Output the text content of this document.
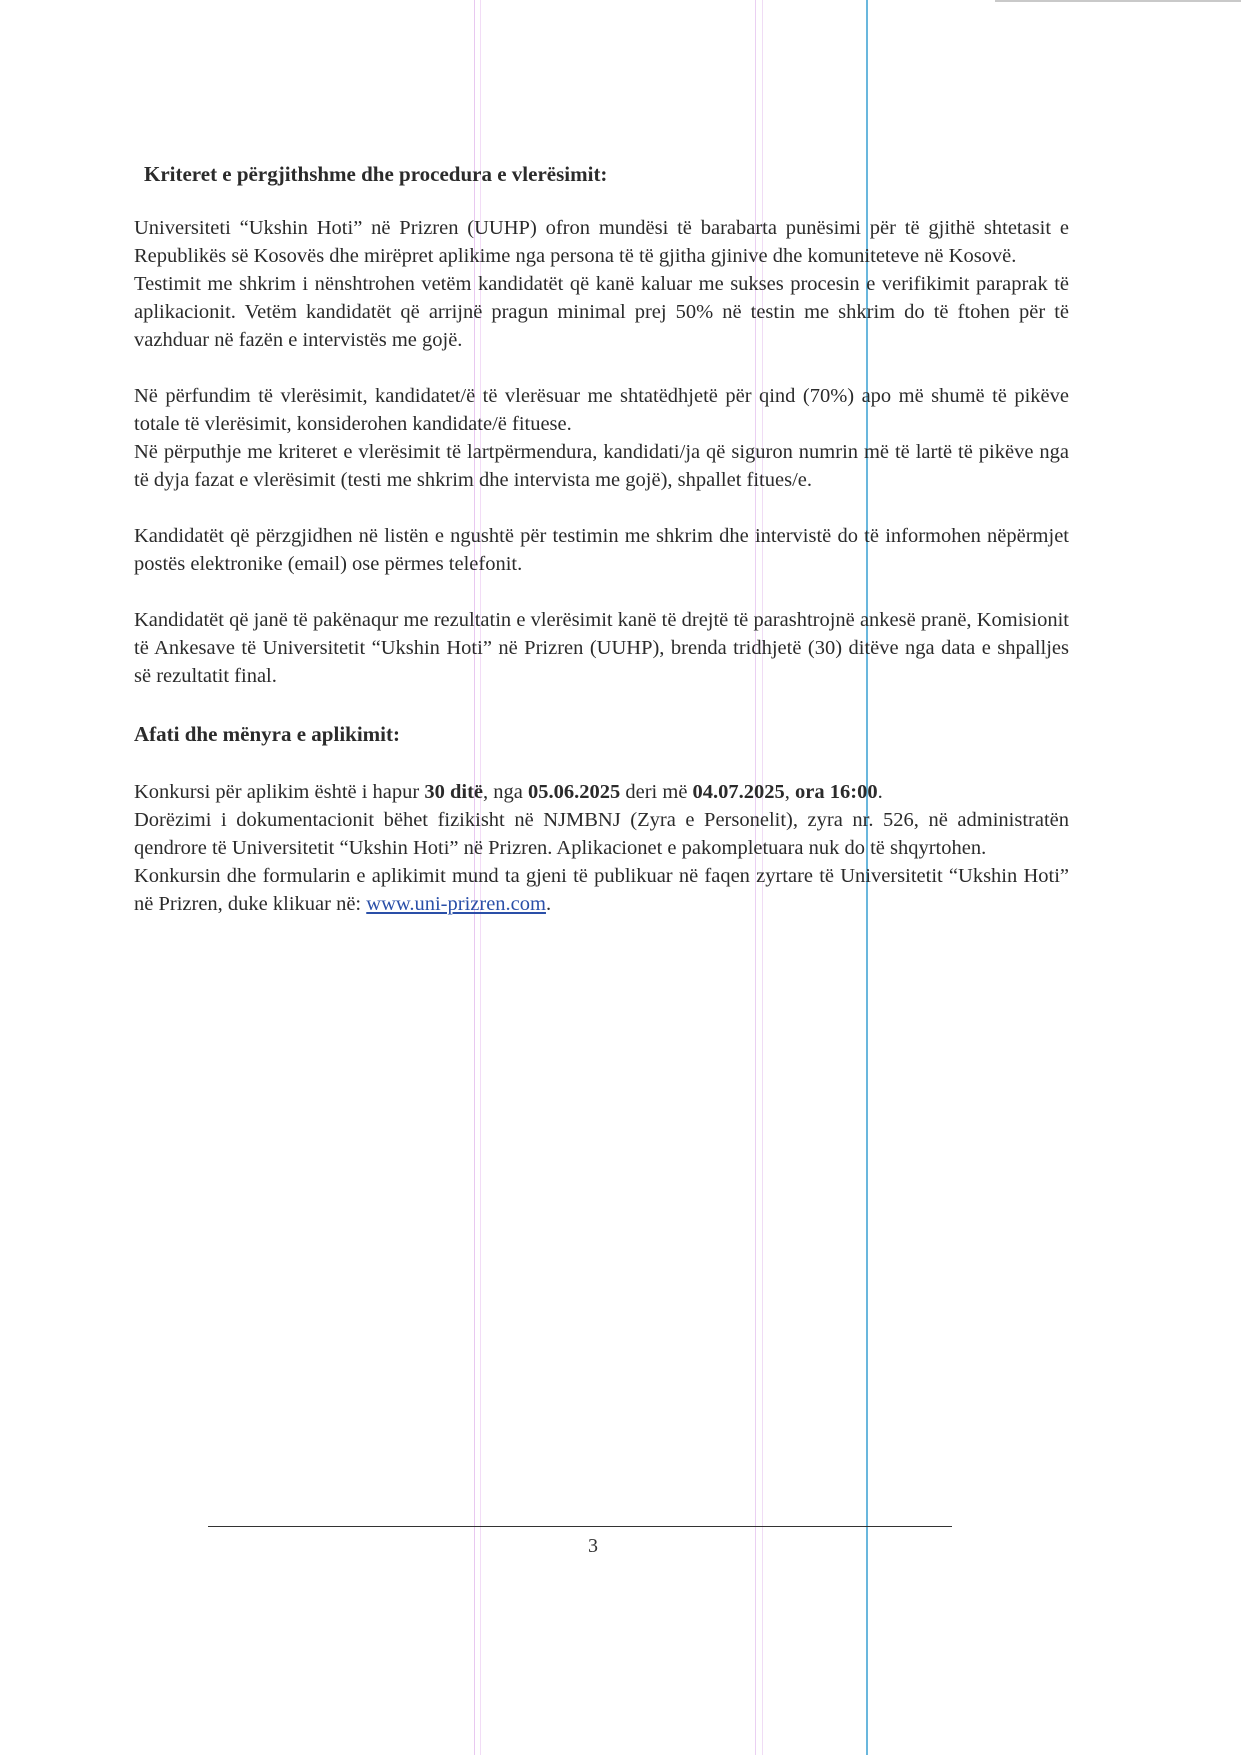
Kriteret e përgjithshme dhe procedura e vlerësimit:

Universiteti “Ukshin Hoti” në Prizren (UUHP) ofron mundësi të barabarta punësimi për të gjithë shtetasit e Republikës së Kosovës dhe mirëpret aplikime nga persona të të gjitha gjinive dhe komuniteteve në Kosovë.

Testimit me shkrim i nënshtrohen vetëm kandidatët që kanë kaluar me sukses procesin e verifikimit paraprak të aplikacionit. Vetëm kandidatët që arrijnë pragun minimal prej 50% në testin me shkrim do të ftohen për të vazhduar në fazën e intervistës me gojë.

Në përfundim të vlerësimit, kandidatet/ë të vlerësuar me shtatëdhjetë për qind (70%) apo më shumë të pikëve totale të vlerësimit, konsiderohen kandidate/ë fituese.

Në përputhje me kriteret e vlerësimit të lartpërmendura, kandidati/ja që siguron numrin më të lartë të pikëve nga të dyja fazat e vlerësimit (testi me shkrim dhe intervista me gojë), shpallet fitues/e.

Kandidatët që përzgjidhen në listën e ngushtë për testimin me shkrim dhe intervistë do të informohen nëpërmjet postës elektronike (email) ose përmes telefonit.

Kandidatët që janë të pakënaqur me rezultatin e vlerësimit kanë të drejtë të parashtrojnë ankesë pranë, Komisionit të Ankesave të Universitetit “Ukshin Hoti” në Prizren (UUHP), brenda tridhjetë (30) ditëve nga data e shpalljes së rezultatit final.

Afati dhe mënyra e aplikimit:

Konkursi për aplikim është i hapur 30 ditë, nga 05.06.2025 deri më 04.07.2025, ora 16:00.

Dorëzimi i dokumentacionit bëhet fizikisht në NJMBNJ (Zyra e Personelit), zyra nr. 526, në administratën qendrore të Universitetit “Ukshin Hoti” në Prizren. Aplikacionet e pakompletuara nuk do të shqyrtohen.

Konkursin dhe formularin e aplikimit mund ta gjeni të publikuar në faqen zyrtare të Universitetit “Ukshin Hoti” në Prizren, duke klikuar në: www.uni-prizren.com.

3
